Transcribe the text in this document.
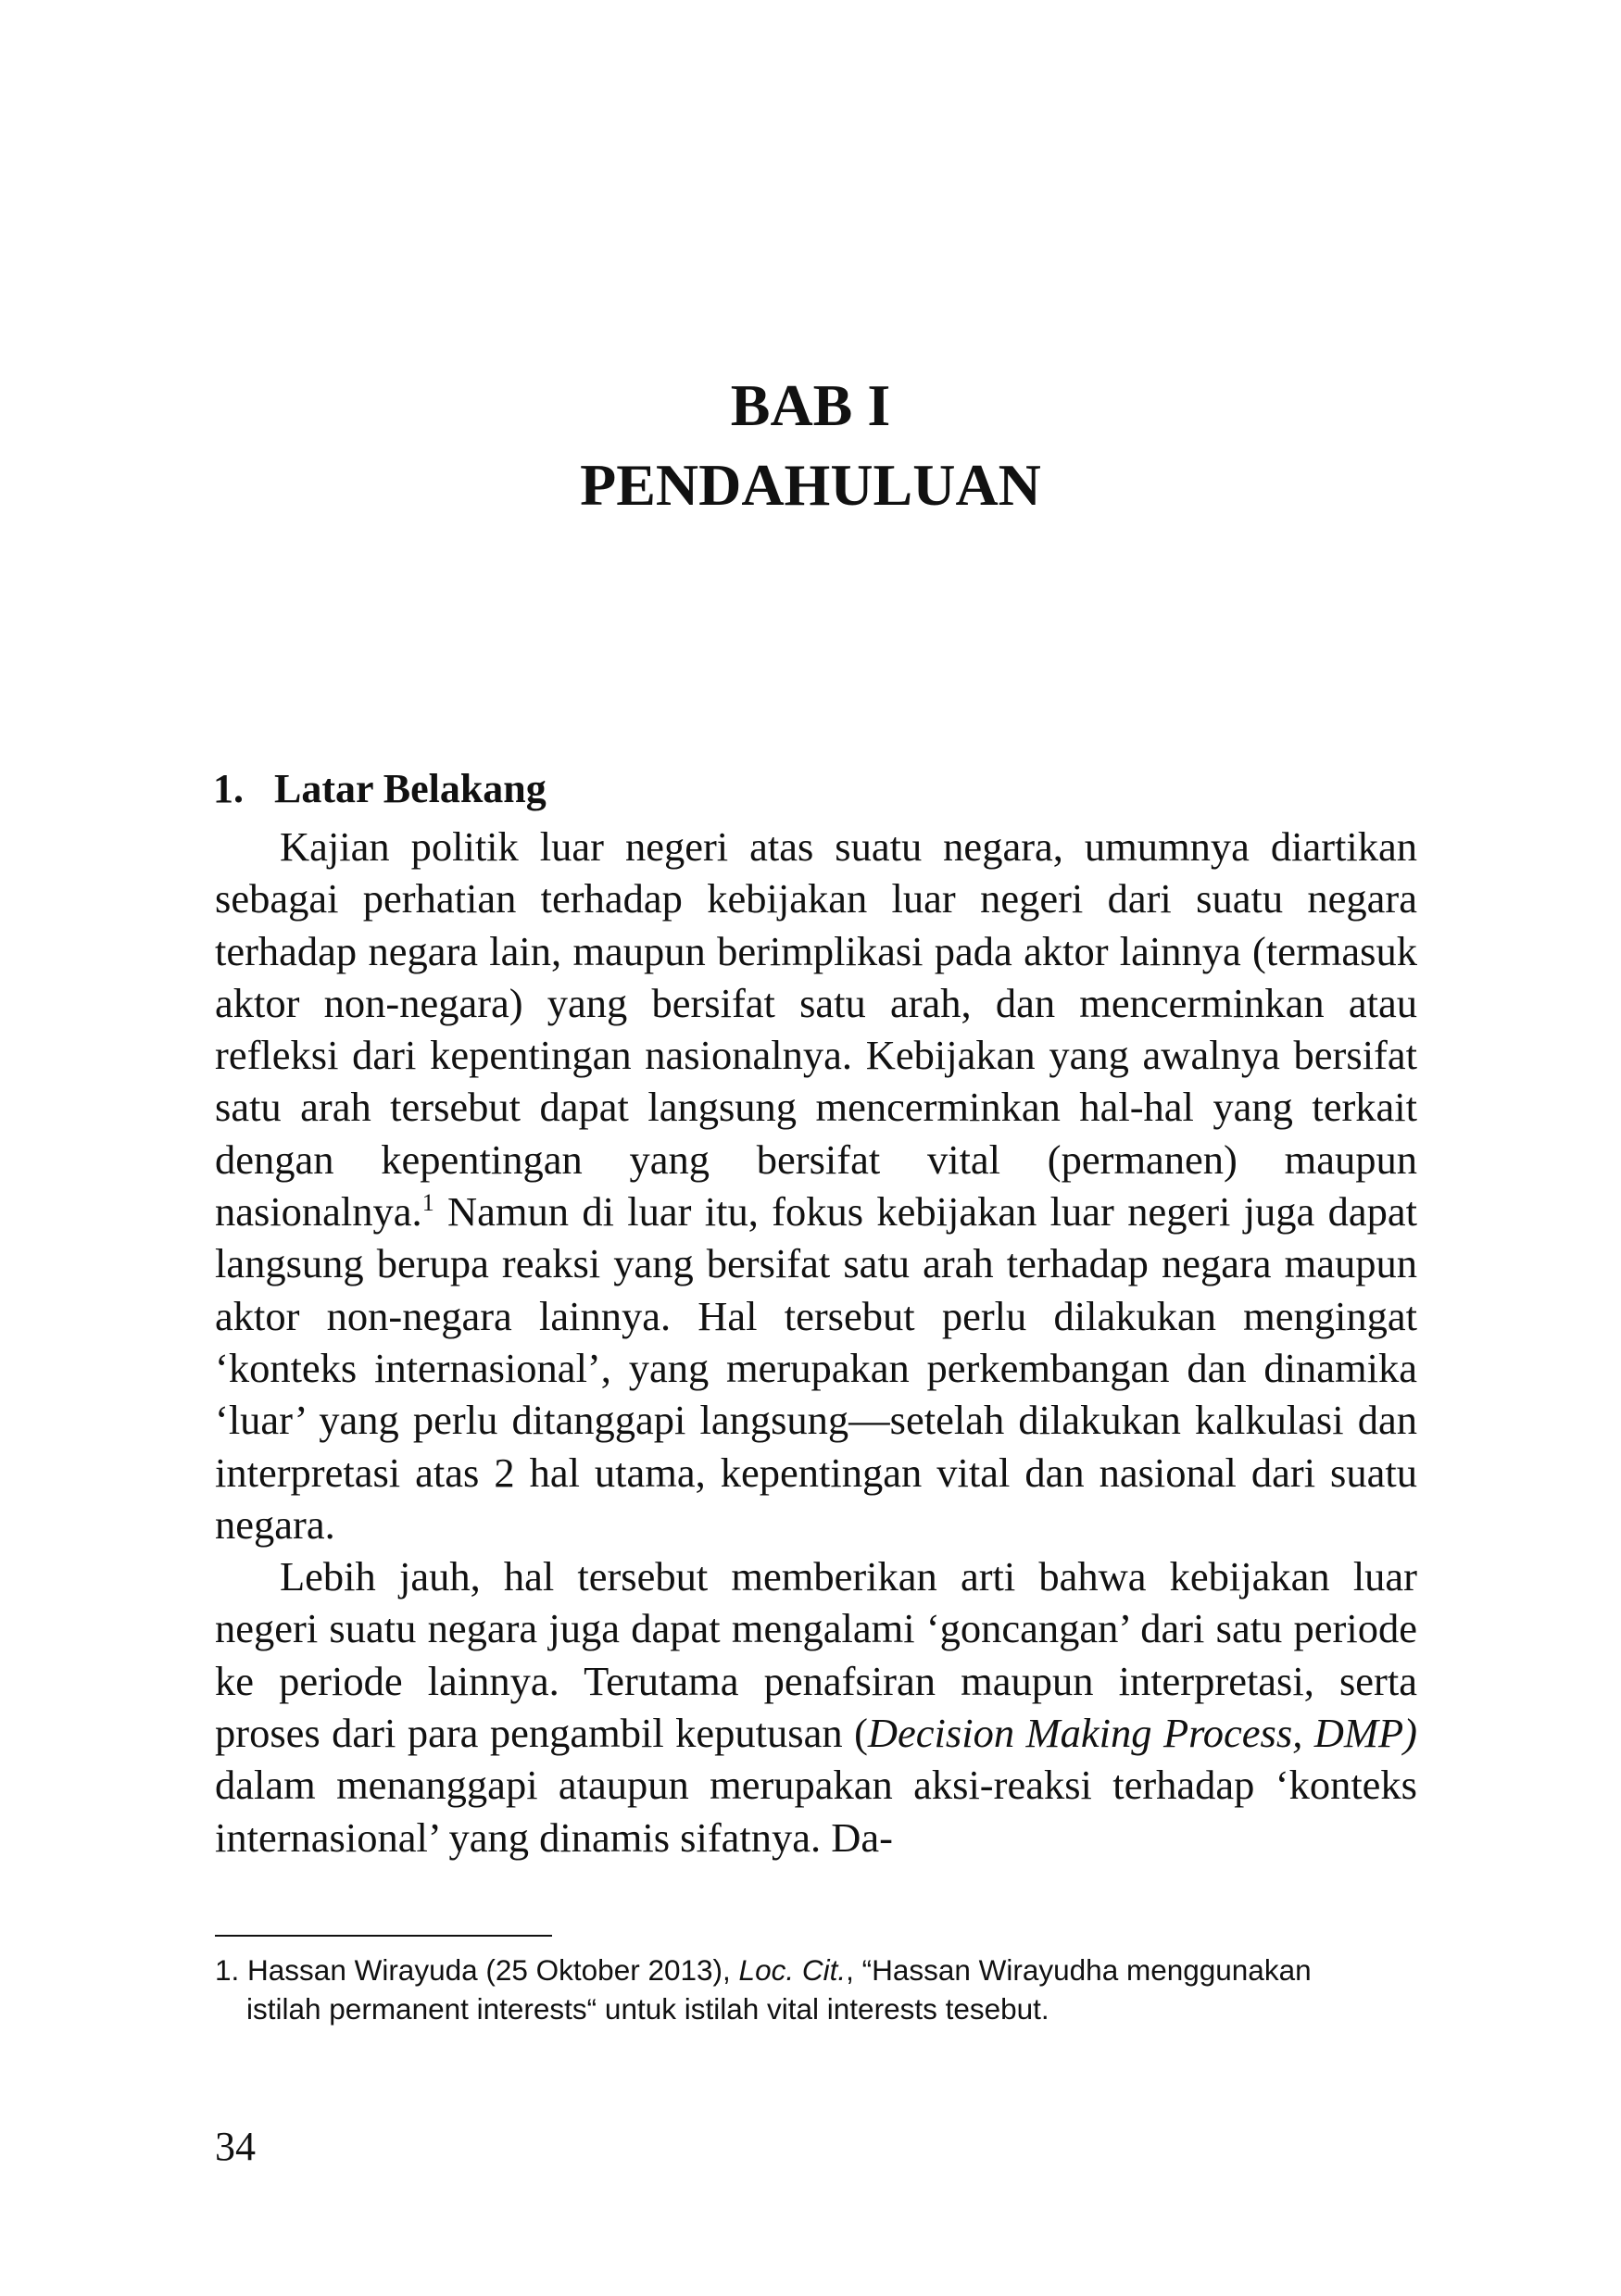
BAB I
PENDAHULUAN
1. Latar Belakang

Kajian politik luar negeri atas suatu negara, umumnya diartikan sebagai perhatian terhadap kebijakan luar negeri dari suatu negara terhadap negara lain, maupun berimplikasi pada aktor lainnya (termasuk aktor non-negara) yang bersifat satu arah, dan mencerminkan atau refleksi dari kepentingan nasionalnya. Kebijakan yang awalnya bersifat satu arah tersebut dapat langsung mencerminkan hal-hal yang terkait dengan kepentingan yang bersifat vital (permanen) maupun nasionalnya.$^1$ Namun di luar itu, fokus kebijakan luar negeri juga dapat langsung berupa reaksi yang bersifat satu arah terhadap negara maupun aktor non-negara lainnya. Hal tersebut perlu dilakukan mengingat ‘konteks internasional’, yang merupakan perkembangan dan dinamika ‘luar’ yang perlu ditanggapi langsung—setelah dilakukan kalkulasi dan interpretasi atas 2 hal utama, kepentingan vital dan nasional dari suatu negara.

Lebih jauh, hal tersebut memberikan arti bahwa kebijakan luar negeri suatu negara juga dapat mengalami ‘goncangan’ dari satu periode ke periode lainnya. Terutama penafsiran maupun interpretasi, serta proses dari para pengambil keputusan (Decision Making Process, DMP) dalam menanggapi ataupun merupakan aksi-reaksi terhadap ‘konteks internasional’ yang dinamis sifatnya. Da-

1. Hassan Wirayuda (25 Oktober 2013), Loc. Cit., “Hassan Wirayudha menggunakan
istilah permanent interests“ untuk istilah vital interests tesebut.

34
